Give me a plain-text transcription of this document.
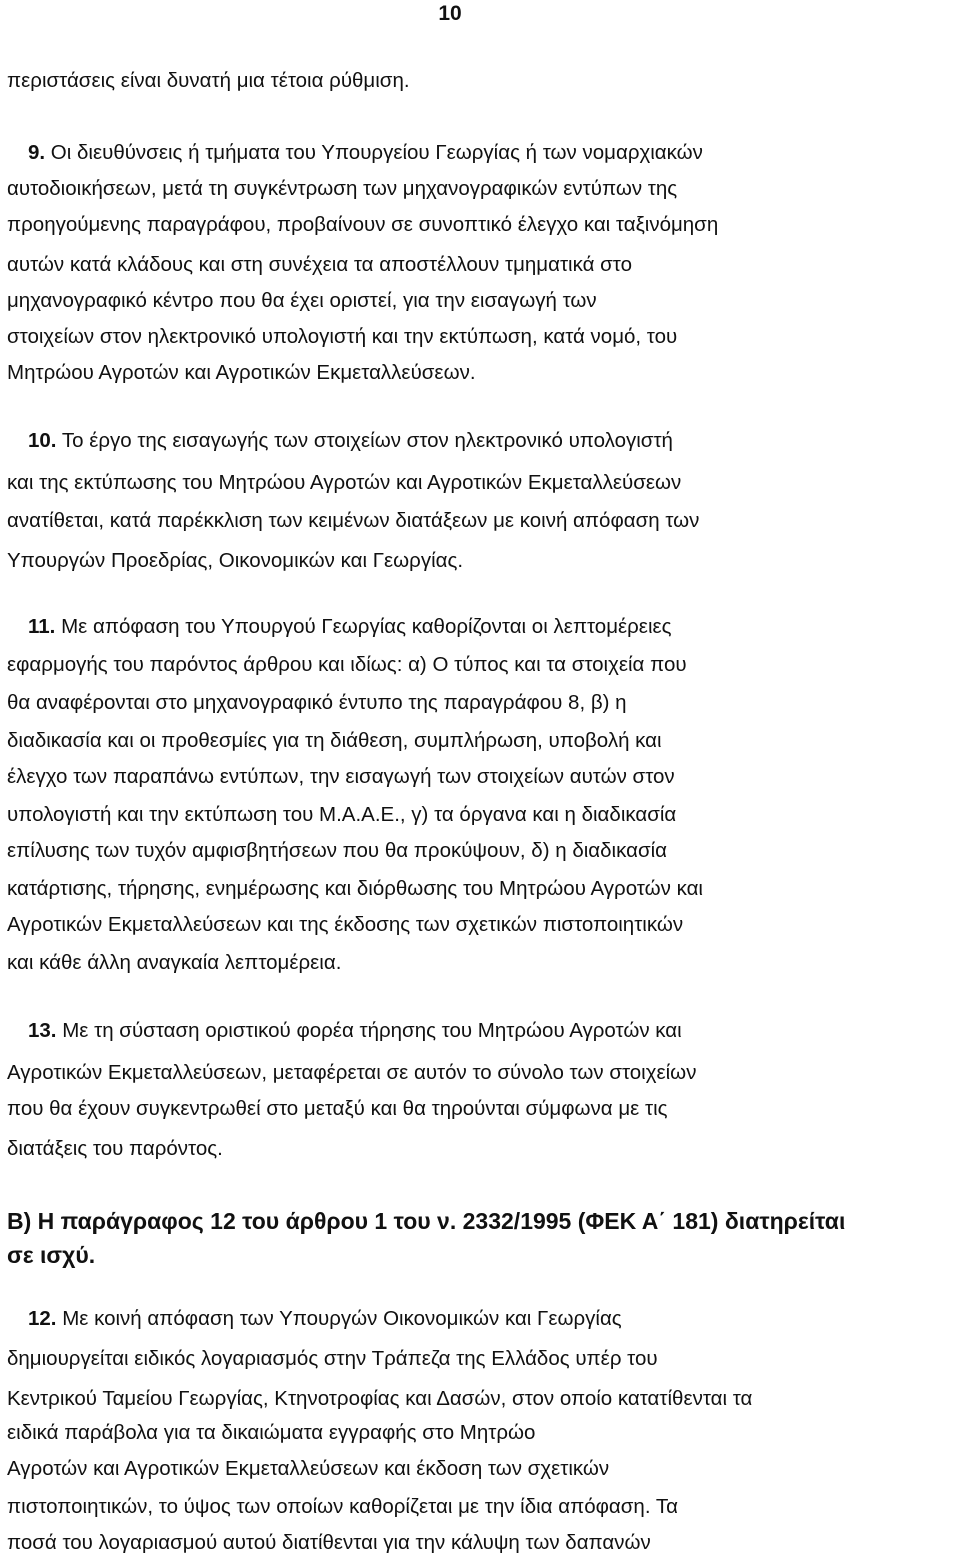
10
περιστάσεις είναι δυνατή μια τέτοια ρύθμιση.
9. Οι διευθύνσεις ή τμήματα του Υπουργείου Γεωργίας ή των νομαρχιακών
αυτοδιοικήσεων, μετά τη συγκέντρωση των μηχανογραφικών εντύπων της
προηγούμενης παραγράφου, προβαίνουν σε συνοπτικό έλεγχο και ταξινόμηση
αυτών κατά κλάδους και στη συνέχεια τα αποστέλλουν τμηματικά στο
μηχανογραφικό κέντρο που θα έχει οριστεί, για την εισαγωγή των
στοιχείων στον ηλεκτρονικό υπολογιστή και την εκτύπωση, κατά νομό, του
Μητρώου Αγροτών και Αγροτικών Εκμεταλλεύσεων.
10. Το έργο της εισαγωγής των στοιχείων στον ηλεκτρονικό υπολογιστή
και της εκτύπωσης του Μητρώου Αγροτών και Αγροτικών Εκμεταλλεύσεων
ανατίθεται, κατά παρέκκλιση των κειμένων διατάξεων με κοινή απόφαση των
Υπουργών Προεδρίας, Οικονομικών και Γεωργίας.
11. Με απόφαση του Υπουργού Γεωργίας καθορίζονται οι λεπτομέρειες
εφαρμογής του παρόντος άρθρου και ιδίως: α) Ο τύπος και τα στοιχεία που
θα αναφέρονται στο μηχανογραφικό έντυπο της παραγράφου 8, β) η
διαδικασία και οι προθεσμίες για τη διάθεση, συμπλήρωση, υποβολή και
έλεγχο των παραπάνω εντύπων, την εισαγωγή των στοιχείων αυτών στον
υπολογιστή και την εκτύπωση του Μ.Α.Α.Ε., γ) τα όργανα και η διαδικασία
επίλυσης των τυχόν αμφισβητήσεων που θα προκύψουν, δ) η διαδικασία
κατάρτισης, τήρησης, ενημέρωσης και διόρθωσης του Μητρώου Αγροτών και
Αγροτικών Εκμεταλλεύσεων και της έκδοσης των σχετικών πιστοποιητικών
και κάθε άλλη αναγκαία λεπτομέρεια.
13. Με τη σύσταση οριστικού φορέα τήρησης του Μητρώου Αγροτών και
Αγροτικών Εκμεταλλεύσεων, μεταφέρεται σε αυτόν το σύνολο των στοιχείων
που θα έχουν συγκεντρωθεί στο μεταξύ και θα τηρούνται σύμφωνα με τις
διατάξεις του παρόντος.
12. Με κοινή απόφαση των Υπουργών Οικονομικών και Γεωργίας
δημιουργείται ειδικός λογαριασμός στην Τράπεζα της Ελλάδος υπέρ του
Κεντρικού Ταμείου Γεωργίας, Κτηνοτροφίας και Δασών, στον οποίο κατατίθενται τα
ειδικά παράβολα για τα δικαιώματα εγγραφής στο Μητρώο
Αγροτών και Αγροτικών Εκμεταλλεύσεων και έκδοση των σχετικών
πιστοποιητικών, το ύψος των οποίων καθορίζεται με την ίδια απόφαση. Τα
ποσά του λογαριασμού αυτού διατίθενται για την κάλυψη των δαπανών
Β) Η παράγραφος 12 του άρθρου 1 του ν. 2332/1995 (ΦΕΚ Α΄ 181) διατηρείται
σε ισχύ.
